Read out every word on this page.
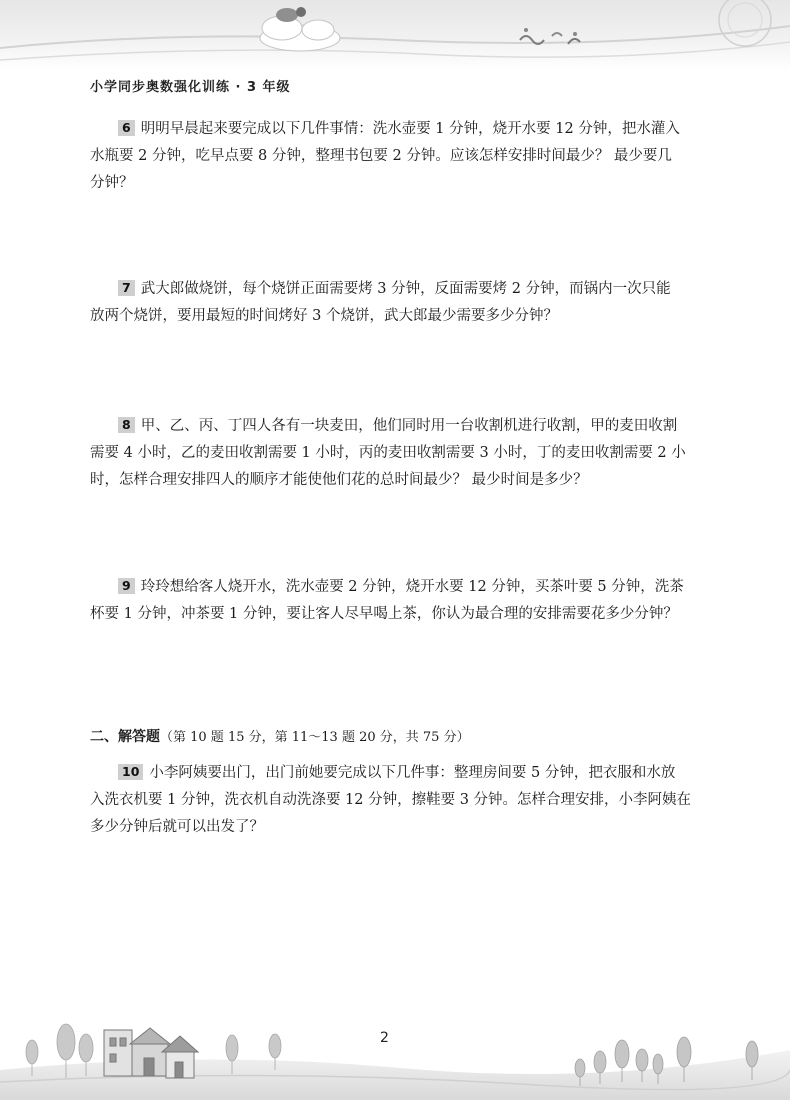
小学同步奥数强化训练 · 3 年级
6 明明早晨起来要完成以下几件事情：洗水壶要 1 分钟，烧开水要 12 分钟，把水灌入
水瓶要 2 分钟，吃早点要 8 分钟，整理书包要 2 分钟。应该怎样安排时间最少？ 最少要几
分钟？
7 武大郎做烧饼，每个烧饼正面需要烤 3 分钟，反面需要烤 2 分钟，而锅内一次只能
放两个烧饼，要用最短的时间烤好 3 个烧饼，武大郎最少需要多少分钟？
8 甲、乙、丙、丁四人各有一块麦田，他们同时用一台收割机进行收割，甲的麦田收割
需要 4 小时，乙的麦田收割需要 1 小时，丙的麦田收割需要 3 小时，丁的麦田收割需要 2 小
时，怎样合理安排四人的顺序才能使他们花的总时间最少？ 最少时间是多少？
9 玲玲想给客人烧开水，洗水壶要 2 分钟，烧开水要 12 分钟，买茶叶要 5 分钟，洗茶
杯要 1 分钟，冲茶要 1 分钟，要让客人尽早喝上茶，你认为最合理的安排需要花多少分钟？
二、解答题（第 10 题 15 分，第 11～13 题 20 分，共 75 分）
10 小李阿姨要出门，出门前她要完成以下几件事：整理房间要 5 分钟，把衣服和水放
入洗衣机要 1 分钟，洗衣机自动洗涤要 12 分钟，擦鞋要 3 分钟。怎样合理安排，小李阿姨在
多少分钟后就可以出发了？
2
